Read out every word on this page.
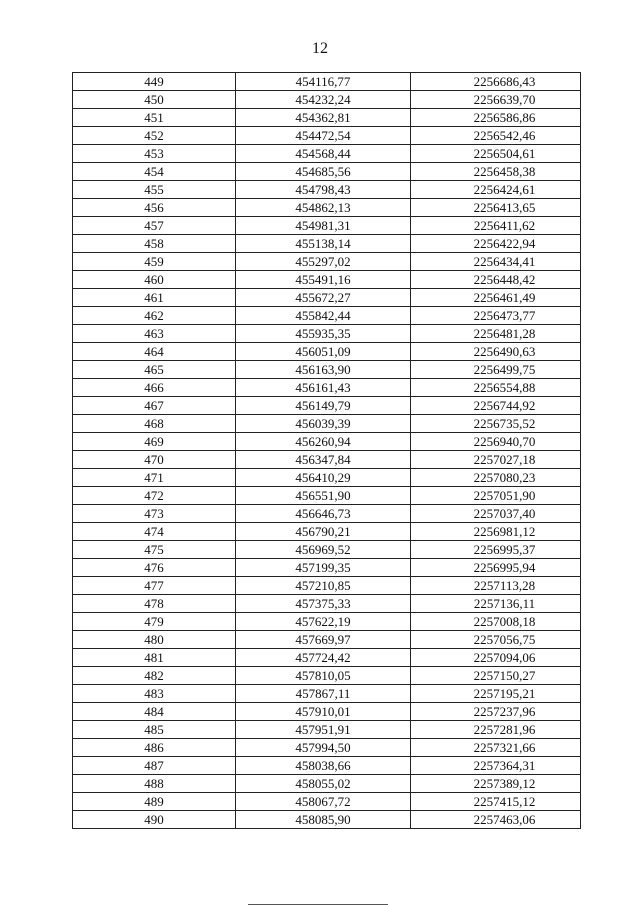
12
449	454116,77	2256686,43
450	454232,24	2256639,70
451	454362,81	2256586,86
452	454472,54	2256542,46
453	454568,44	2256504,61
454	454685,56	2256458,38
455	454798,43	2256424,61
456	454862,13	2256413,65
457	454981,31	2256411,62
458	455138,14	2256422,94
459	455297,02	2256434,41
460	455491,16	2256448,42
461	455672,27	2256461,49
462	455842,44	2256473,77
463	455935,35	2256481,28
464	456051,09	2256490,63
465	456163,90	2256499,75
466	456161,43	2256554,88
467	456149,79	2256744,92
468	456039,39	2256735,52
469	456260,94	2256940,70
470	456347,84	2257027,18
471	456410,29	2257080,23
472	456551,90	2257051,90
473	456646,73	2257037,40
474	456790,21	2256981,12
475	456969,52	2256995,37
476	457199,35	2256995,94
477	457210,85	2257113,28
478	457375,33	2257136,11
479	457622,19	2257008,18
480	457669,97	2257056,75
481	457724,42	2257094,06
482	457810,05	2257150,27
483	457867,11	2257195,21
484	457910,01	2257237,96
485	457951,91	2257281,96
486	457994,50	2257321,66
487	458038,66	2257364,31
488	458055,02	2257389,12
489	458067,72	2257415,12
490	458085,90	2257463,06
